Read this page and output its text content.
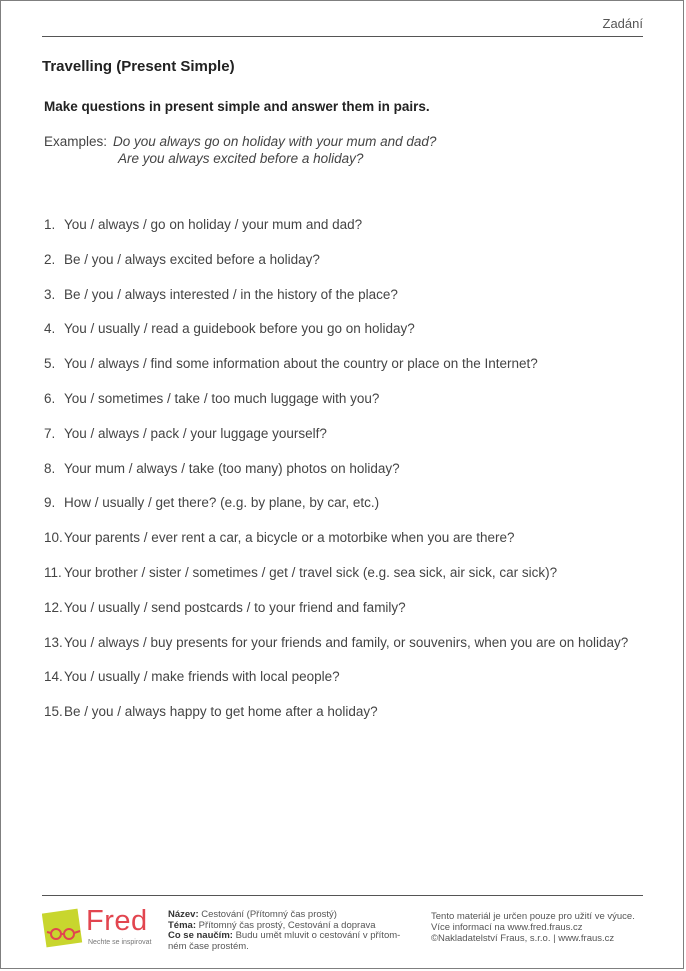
Zadání
Travelling (Present Simple)
Make questions in present simple and answer them in pairs.
Examples: Do you always go on holiday with your mum and dad?
Are you always excited before a holiday?
1. You / always / go on holiday / your mum and dad?
2. Be / you / always excited before a holiday?
3. Be / you / always interested / in the history of the place?
4. You / usually / read a guidebook before you go on holiday?
5. You / always / find some information about the country or place on the Internet?
6. You / sometimes / take / too much luggage with you?
7. You / always / pack / your luggage yourself?
8. Your mum / always / take (too many) photos on holiday?
9. How / usually / get there? (e.g. by plane, by car, etc.)
10.Your parents / ever rent a car, a bicycle or a motorbike when you are there?
11. Your brother / sister / sometimes / get / travel sick (e.g. sea sick, air sick, car sick)?
12.You / usually / send postcards / to your friend and family?
13.You / always / buy presents for your friends and family, or souvenirs, when you are on holiday?
14.You / usually / make friends with local people?
15.Be / you / always happy to get home after a holiday?
Fred
Nechte se inspirovat
Název: Cestování (Přítomný čas prostý)
Téma: Přítomný čas prostý, Cestování a doprava
Co se naučím: Budu umět mluvit o cestování v přítom-
ném čase prostém.
Tento materiál je určen pouze pro užití ve výuce.
Více informací na www.fred.fraus.cz
©Nakladatelství Fraus, s.r.o. | www.fraus.cz
